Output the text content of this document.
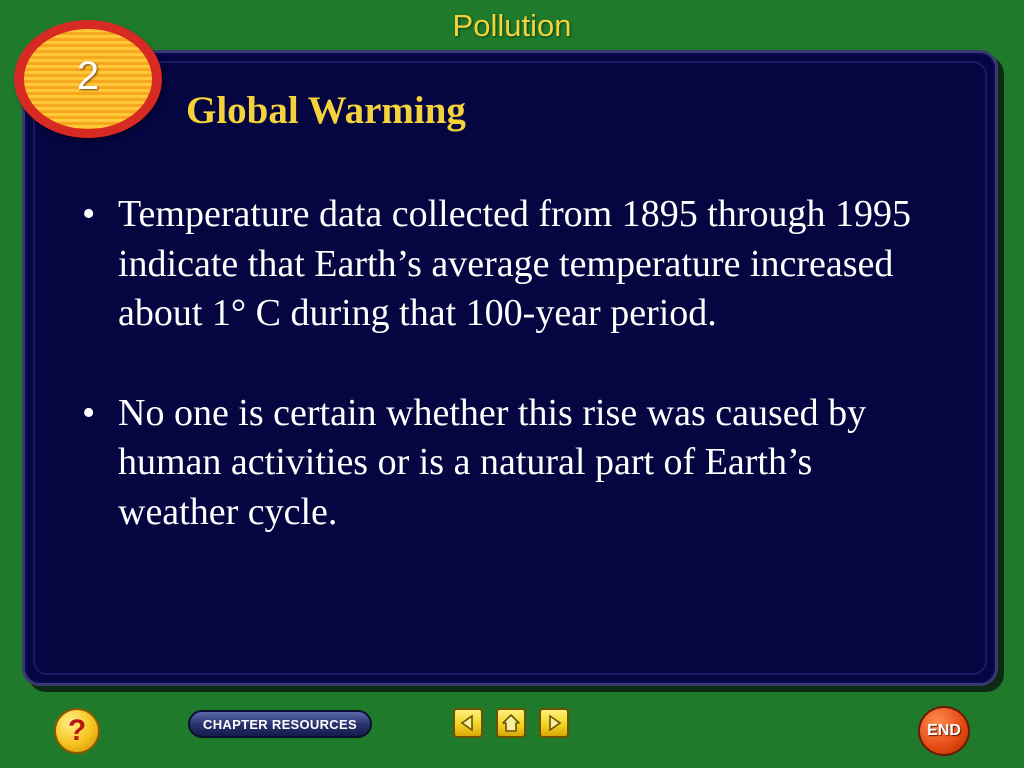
Pollution
2
Global Warming
• Temperature data collected from 1895 through 1995 indicate that Earth’s average temperature increased about 1° C during that 100-year period.
• No one is certain whether this rise was caused by human activities or is a natural part of Earth’s weather cycle.
?	CHAPTER RESOURCES	END
